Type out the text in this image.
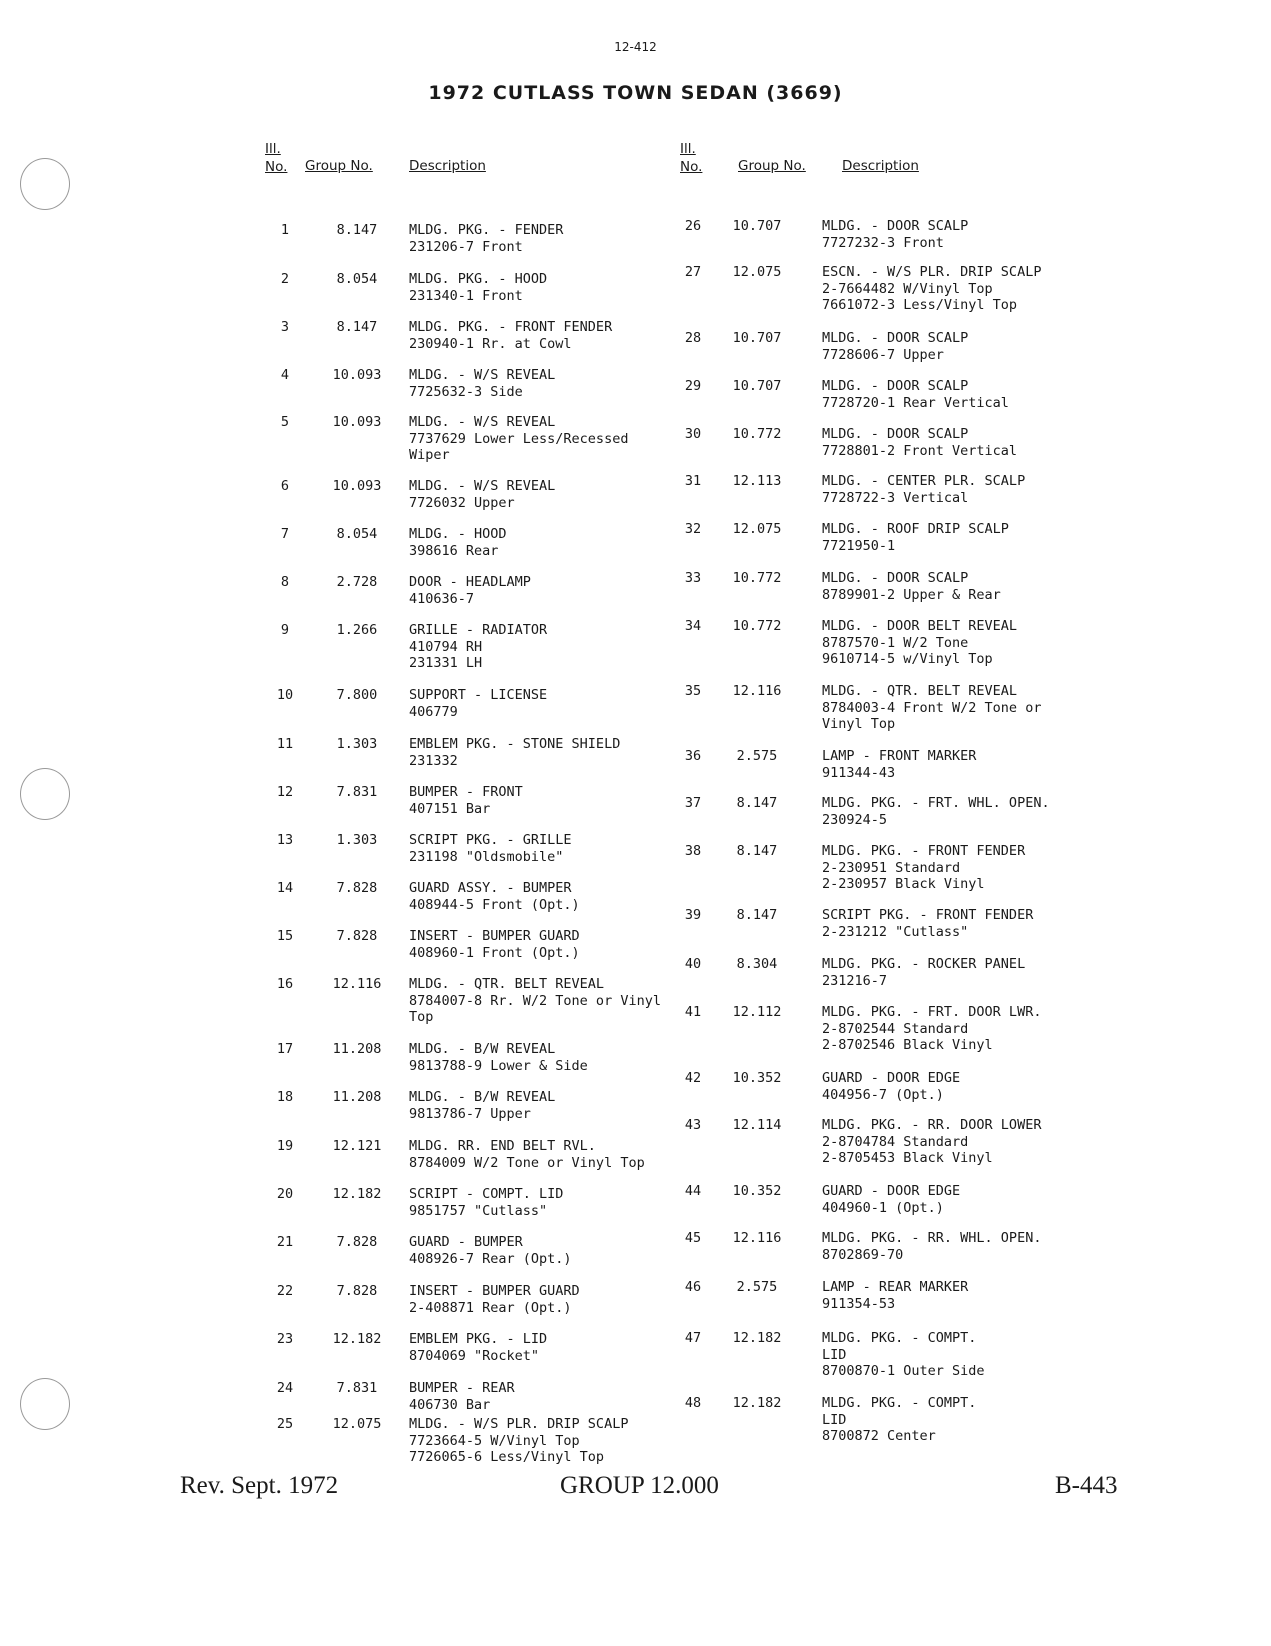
12-412
1972 CUTLASS TOWN SEDAN (3669)
Ill.
No. Group No.	Description
1	8.147	MLDG. PKG. - FENDER
231206-7 Front
2	8.054	MLDG. PKG. - HOOD
231340-1 Front
3	8.147	MLDG. PKG. - FRONT FENDER
230940-1 Rr. at Cowl
4	10.093	MLDG. - W/S REVEAL
7725632-3 Side
5	10.093	MLDG. - W/S REVEAL
7737629 Lower Less/Recessed
Wiper
6	10.093	MLDG. - W/S REVEAL
7726032 Upper
7	8.054	MLDG. - HOOD
398616 Rear
8	2.728	DOOR - HEADLAMP
410636-7
9	1.266	GRILLE - RADIATOR
410794 RH
231331 LH
10	7.800	SUPPORT - LICENSE
406779
11	1.303	EMBLEM PKG. - STONE SHIELD
231332
12	7.831	BUMPER - FRONT
407151 Bar
13	1.303	SCRIPT PKG. - GRILLE
231198 "Oldsmobile"
14	7.828	GUARD ASSY. - BUMPER
408944-5 Front (Opt.)
15	7.828	INSERT - BUMPER GUARD
408960-1 Front (Opt.)
16	12.116	MLDG. - QTR. BELT REVEAL
8784007-8 Rr. W/2 Tone or Vinyl
Top
17	11.208	MLDG. - B/W REVEAL
9813788-9 Lower & Side
18	11.208	MLDG. - B/W REVEAL
9813786-7 Upper
19	12.121	MLDG. RR. END BELT RVL.
8784009 W/2 Tone or Vinyl Top
20	12.182	SCRIPT - COMPT. LID
9851757 "Cutlass"
21	7.828	GUARD - BUMPER
408926-7 Rear (Opt.)
22	7.828	INSERT - BUMPER GUARD
2-408871 Rear (Opt.)
23	12.182	EMBLEM PKG. - LID
8704069 "Rocket"
24	7.831	BUMPER - REAR
406730 Bar
25	12.075	MLDG. - W/S PLR. DRIP SCALP
7723664-5 W/Vinyl Top
7726065-6 Less/Vinyl Top
Ill.
No.	Group No.	Description
26	10.707	MLDG. - DOOR SCALP
7727232-3 Front
27	12.075	ESCN. - W/S PLR. DRIP SCALP
2-7664482 W/Vinyl Top
7661072-3 Less/Vinyl Top
28	10.707	MLDG. - DOOR SCALP
7728606-7 Upper
29	10.707	MLDG. - DOOR SCALP
7728720-1 Rear Vertical
30	10.772	MLDG. - DOOR SCALP
7728801-2 Front Vertical
31	12.113	MLDG. - CENTER PLR. SCALP
7728722-3 Vertical
32	12.075	MLDG. - ROOF DRIP SCALP
7721950-1
33	10.772	MLDG. - DOOR SCALP
8789901-2 Upper & Rear
34	10.772	MLDG. - DOOR BELT REVEAL
8787570-1 W/2 Tone
9610714-5 w/Vinyl Top
35	12.116	MLDG. - QTR. BELT REVEAL
8784003-4 Front W/2 Tone or
Vinyl Top
36	2.575	LAMP - FRONT MARKER
911344-43
37	8.147	MLDG. PKG. - FRT. WHL. OPEN.
230924-5
38	8.147	MLDG. PKG. - FRONT FENDER
2-230951 Standard
2-230957 Black Vinyl
39	8.147	SCRIPT PKG. - FRONT FENDER
2-231212 "Cutlass"
40	8.304	MLDG. PKG. - ROCKER PANEL
231216-7
41	12.112	MLDG. PKG. - FRT. DOOR LWR.
2-8702544 Standard
2-8702546 Black Vinyl
42	10.352	GUARD - DOOR EDGE
404956-7 (Opt.)
43	12.114	MLDG. PKG. - RR. DOOR LOWER
2-8704784 Standard
2-8705453 Black Vinyl
44	10.352	GUARD - DOOR EDGE
404960-1 (Opt.)
45	12.116	MLDG. PKG. - RR. WHL. OPEN.
8702869-70
46	2.575	LAMP - REAR MARKER
911354-53
47	12.182	MLDG. PKG. - COMPT.
LID
8700870-1 Outer Side
48	12.182	MLDG. PKG. - COMPT.
LID
8700872 Center
Rev. Sept. 1972	GROUP 12.000	B-443
